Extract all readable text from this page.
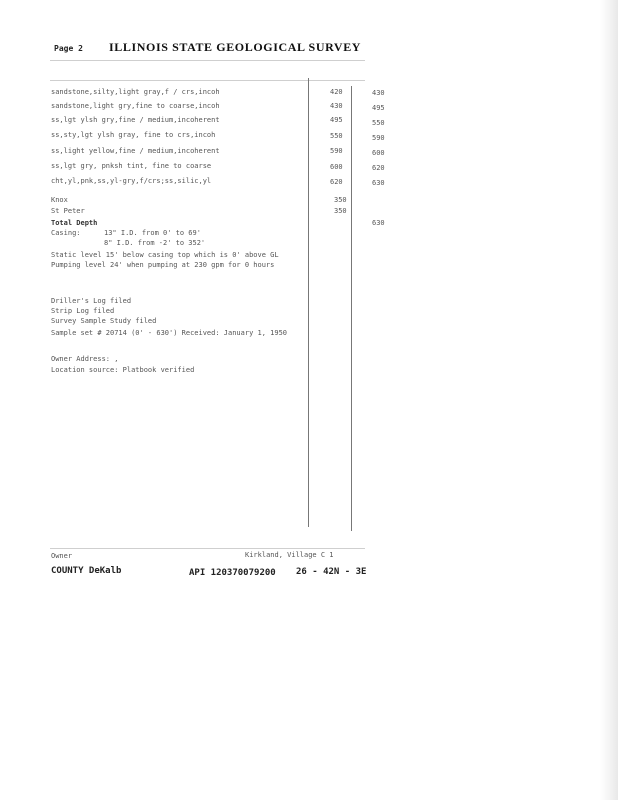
Page 2 ILLINOIS STATE GEOLOGICAL SURVEY
sandstone,silty,light gray,f / crs,incoh	420	430
sandstone,light gry,fine to coarse,incoh	430	495
ss,lgt ylsh gry,fine / medium,incoherent	495	550
ss,sty,lgt ylsh gray, fine to crs,incoh	550	590
ss,light yellow,fine / medium,incoherent	590	600
ss,lgt gry, pnksh tint, fine to coarse	600	620
cht,yl,pnk,ss,yl-gry,f/crs;ss,silic,yl	620	630
Knox	350
St Peter	350
Total Depth	630
Casing:	13" I.D. from 0' to 69'
8" I.D. from -2' to 352'
Static level 15' below casing top which is 0' above GL
Pumping level 24' when pumping at 230 gpm for 0 hours
Driller's Log filed
Strip Log filed
Survey Sample Study filed
Sample set # 20714 (0' - 630') Received: January 1, 1950
Owner Address: ,
Location source: Platbook verified
Owner	Kirkland, Village C 1
COUNTY DeKalb	API 120370079200 26 - 42N - 3E
